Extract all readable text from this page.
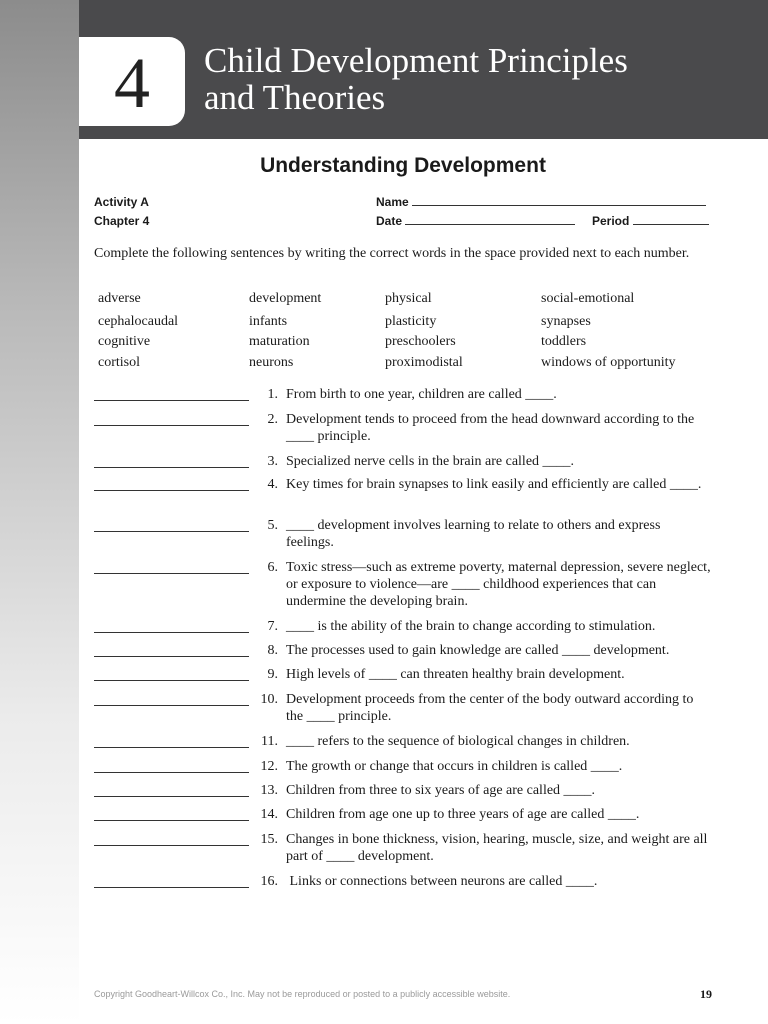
4	Child Development Principles
and Theories
Understanding Development
Activity A
Chapter 4
Name
Date	Period
Complete the following sentences by writing the correct words in the space provided next to each number.
adverse	development	physical	social-emotional
cephalocaudal	infants	plasticity	synapses
cognitive	maturation	preschoolers	toddlers
cortisol	neurons	proximodistal	windows of opportunity
1. From birth to one year, children are called ____.
2. Development tends to proceed from the head downward according to the ____ principle.
3. Specialized nerve cells in the brain are called ____.
4. Key times for brain synapses to link easily and efficiently are called ____.
5. ____ development involves learning to relate to others and express feelings.
6. Toxic stress—such as extreme poverty, maternal depression, severe neglect, or exposure to violence—are ____ childhood experiences that can undermine the developing brain.
7. ____ is the ability of the brain to change according to stimulation.
8. The processes used to gain knowledge are called ____ development.
9. High levels of ____ can threaten healthy brain development.
10. Development proceeds from the center of the body outward according to the ____ principle.
11. ____ refers to the sequence of biological changes in children.
12. The growth or change that occurs in children is called ____.
13. Children from three to six years of age are called ____.
14. Children from age one up to three years of age are called ____.
15. Changes in bone thickness, vision, hearing, muscle, size, and weight are all part of ____ development.
16. Links or connections between neurons are called ____.
Copyright Goodheart-Willcox Co., Inc. May not be reproduced or posted to a publicly accessible website.	19
